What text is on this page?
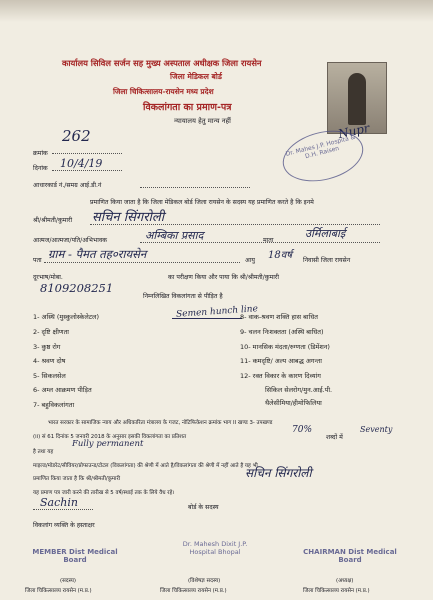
कार्यालय सिविल सर्जन सह मुख्य अस्पताल अधीक्षक जिला रायसेन
जिला मेडिकल बोर्ड
जिला चिकित्सालय-रायसेन मध्य प्रदेश
विकलांगता का प्रमाण-पत्र
न्यायालय हेतु मान्य नहीं	Nupr
Dr. Mahes J.P. Hospita & D.H. Raisen
क्रमांक
262
दिनांक 10/4/19
आधारकार्ड नं./समग्र आई.डी.नं
प्रमाणित किया जाता है कि जिला मेडिकल बोर्ड जिला रायसेन के सदस्य यह प्रमाणित करते है कि इनमे
श्री/श्रीमती/कुमारी सचिन सिंगरोली
आत्मज/आत्मजा/पति/अभिभावक	अम्बिका प्रसाद	माता
उर्मिलाबाई
पता ग्राम - पैमत तह०रायसेन	आयु 18वर्ष निवासी जिला रायसेन
दूरभाष/मोबा.	का परीक्षण किया और पाया कि श्री/श्रीमती/कुमारी
8109208251
निम्नलिखित विकलांगता से पीड़ित है
Semen hunch line
1- अस्थि (मुस्कुलोस्केलेटल)
2- दृष्टि क्षीणता
3- कुष्ठ रोग
4- श्रवण दोष
5- सिकलसेल
6- अम्ल आक्रमण पीड़ित
7- बहुविकलांगता
8- वाक-श्रवण शक्ति हास बाधित
9- चलन निःशक्तता (अस्थि बाधित)
10- मानसिक मंदता/रुग्णता (डिमेंशन)
11- कमदृष्टि/ अल्प आबद्ध अगन्ता
12- रक्त विकार के कारण दिव्यांग
सिकिल सेलरोग/मुन.आई.पी.
थैलेसीमिया/हीमोफिलिया
भारत सरकार के सामाजिक न्याय और अधिकारिता मंत्रालय के गजट, नोटिफिकेशन क्रमांक भाग II खण्ड 3- उपखण्ड
(ii) सं 61 दिनांक 5 जनवरी 2018 के अनुसार इसकी विकलांगता का प्रतिशत
70%
शब्दों में
Seventy
है तथा यह
Fully permanent
माइल्ड/मोडरेट/सीवियर/प्रोफाउन्ड/टोटल (विकलांगता) की श्रेणी में आते है/विकलांगता की श्रेणी में नहीं आते है यह भी
प्रमाणित किया जाता है कि श्री/श्रीमती/कुमारी	सचिन सिंगरोली
यह प्रमाण पत्र जारी करने की तारीख से 5 वर्ष/स्थाई तक के लिये वैध रहे।
Sachin	बोर्ड के सदस्य
विकलांग व्यक्ति के हस्ताक्षर
MEMBER Dist Medical Board
Dr. Mahesh Dixit J.P. Hospital Bhopal	CHAIRMAN Dist Medical Board
(सदस्य)
जिला चिकित्सालय रायसेन (म.प्र.)
(विशेषज्ञ सदस्य)
जिला चिकित्सालय रायसेन (म.प्र.)
(अध्यक्ष)
जिला चिकित्सालय रायसेन (म.प्र.)
